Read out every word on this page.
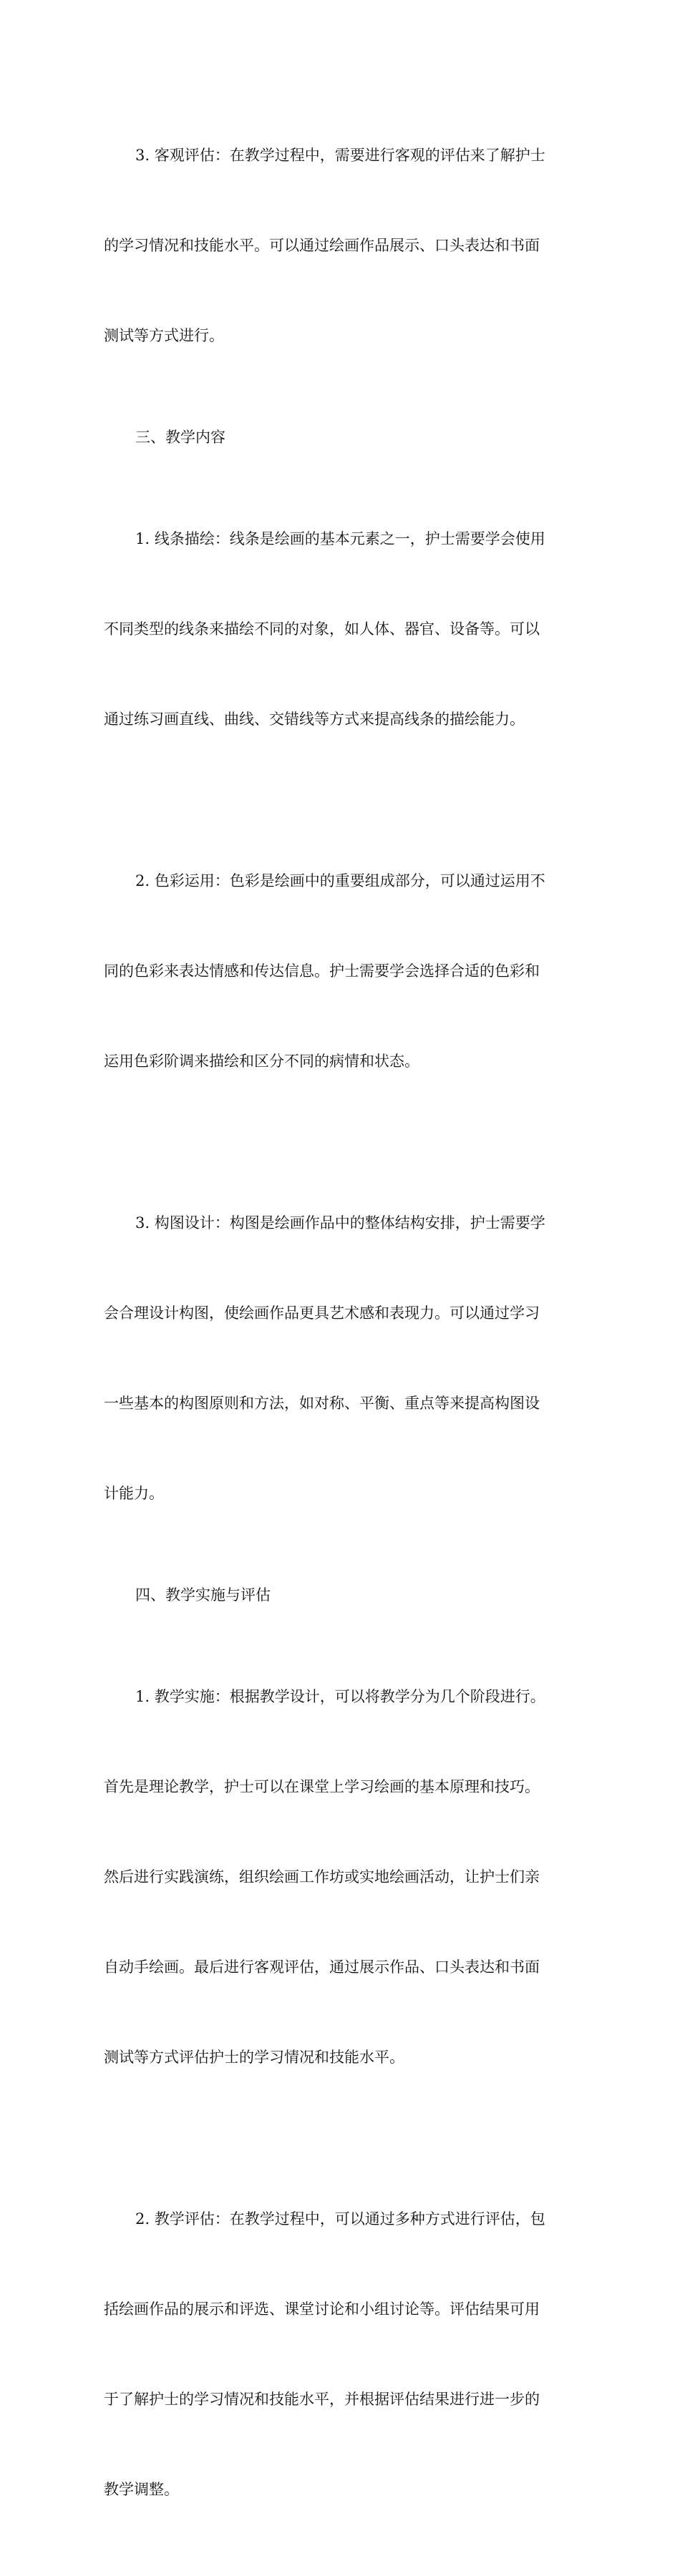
3. 客观评估：在教学过程中，需要进行客观的评估来了解护士

的学习情况和技能水平。可以通过绘画作品展示、口头表达和书面

测试等方式进行。

三、教学内容

1. 线条描绘：线条是绘画的基本元素之一，护士需要学会使用

不同类型的线条来描绘不同的对象，如人体、器官、设备等。可以

通过练习画直线、曲线、交错线等方式来提高线条的描绘能力。

2. 色彩运用：色彩是绘画中的重要组成部分，可以通过运用不

同的色彩来表达情感和传达信息。护士需要学会选择合适的色彩和

运用色彩阶调来描绘和区分不同的病情和状态。

3. 构图设计：构图是绘画作品中的整体结构安排，护士需要学

会合理设计构图，使绘画作品更具艺术感和表现力。可以通过学习

一些基本的构图原则和方法，如对称、平衡、重点等来提高构图设

计能力。

四、教学实施与评估

1. 教学实施：根据教学设计，可以将教学分为几个阶段进行。

首先是理论教学，护士可以在课堂上学习绘画的基本原理和技巧。

然后进行实践演练，组织绘画工作坊或实地绘画活动，让护士们亲

自动手绘画。最后进行客观评估，通过展示作品、口头表达和书面

测试等方式评估护士的学习情况和技能水平。

2. 教学评估：在教学过程中，可以通过多种方式进行评估，包

括绘画作品的展示和评选、课堂讨论和小组讨论等。评估结果可用

于了解护士的学习情况和技能水平，并根据评估结果进行进一步的

教学调整。
